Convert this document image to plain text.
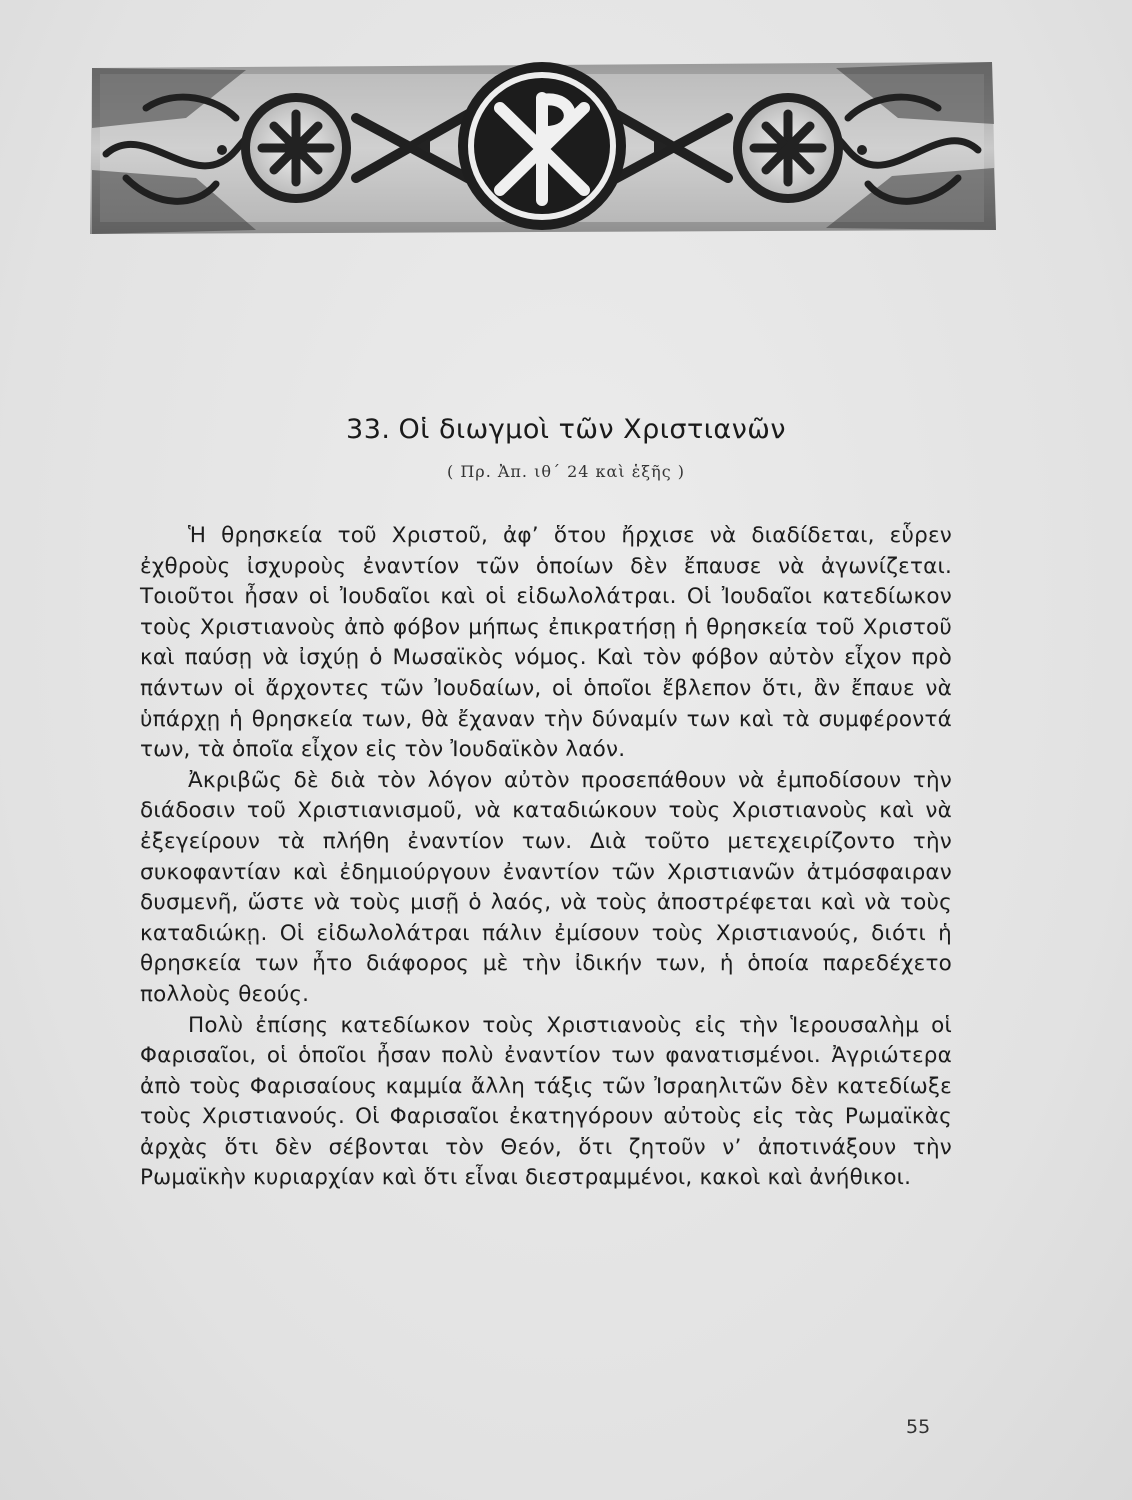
33. Οἱ διωγμοὶ τῶν Χριστιανῶν
( Πρ. Ἀπ. ιθ΄ 24 καὶ ἑξῆς )

Ἡ θρησκεία τοῦ Χριστοῦ, ἀφ’ ὅτου ἤρχισε νὰ διαδίδεται, εὗρεν ἐχθροὺς ἰσχυροὺς ἐναντίον τῶν ὁποίων δὲν ἔπαυσε νὰ ἀγωνίζεται. Τοιοῦτοι ἦσαν οἱ Ἰουδαῖοι καὶ οἱ εἰδωλολάτραι. Οἱ Ἰουδαῖοι κατεδίωκον τοὺς Χριστιανοὺς ἀπὸ φόβον μήπως ἐπικρατήσῃ ἡ θρησκεία τοῦ Χριστοῦ καὶ παύσῃ νὰ ἰσχύῃ ὁ Μωσαϊκὸς νόμος. Καὶ τὸν φόβον αὐτὸν εἶχον πρὸ πάντων οἱ ἄρχοντες τῶν Ἰουδαίων, οἱ ὁποῖοι ἔβλεπον ὅτι, ἂν ἔπαυε νὰ ὑπάρχῃ ἡ θρησκεία των, θὰ ἔχαναν τὴν δύναμίν των καὶ τὰ συμφέροντά των, τὰ ὁποῖα εἶχον εἰς τὸν Ἰουδαϊκὸν λαόν.

Ἀκριβῶς δὲ διὰ τὸν λόγον αὐτὸν προσεπάθουν νὰ ἐμποδίσουν τὴν διάδοσιν τοῦ Χριστιανισμοῦ, νὰ καταδιώκουν τοὺς Χριστιανοὺς καὶ νὰ ἐξεγείρουν τὰ πλήθη ἐναντίον των. Διὰ τοῦτο μετεχειρίζοντο τὴν συκοφαντίαν καὶ ἐδημιούργουν ἐναντίον τῶν Χριστιανῶν ἀτμόσφαιραν δυσμενῆ, ὥστε νὰ τοὺς μισῇ ὁ λαός, νὰ τοὺς ἀποστρέφεται καὶ νὰ τοὺς καταδιώκῃ. Οἱ εἰδωλολάτραι πάλιν ἐμίσουν τοὺς Χριστιανούς, διότι ἡ θρησκεία των ἦτο διάφορος μὲ τὴν ἰδικήν των, ἡ ὁποία παρεδέχετο πολλοὺς θεούς.

Πολὺ ἐπίσης κατεδίωκον τοὺς Χριστιανοὺς εἰς τὴν Ἱερουσαλὴμ οἱ Φαρισαῖοι, οἱ ὁποῖοι ἦσαν πολὺ ἐναντίον των φανατισμένοι. Ἀγριώτερα ἀπὸ τοὺς Φαρισαίους καμμία ἄλλη τάξις τῶν Ἰσραηλιτῶν δὲν κατεδίωξε τοὺς Χριστιανούς. Οἱ Φαρισαῖοι ἐκατηγόρουν αὐτοὺς εἰς τὰς Ρωμαϊκὰς ἀρχὰς ὅτι δὲν σέβονται τὸν Θεόν, ὅτι ζητοῦν ν’ ἀποτινάξουν τὴν Ρωμαϊκὴν κυριαρχίαν καὶ ὅτι εἶναι διεστραμμένοι, κακοὶ καὶ ἀνήθικοι.

55
